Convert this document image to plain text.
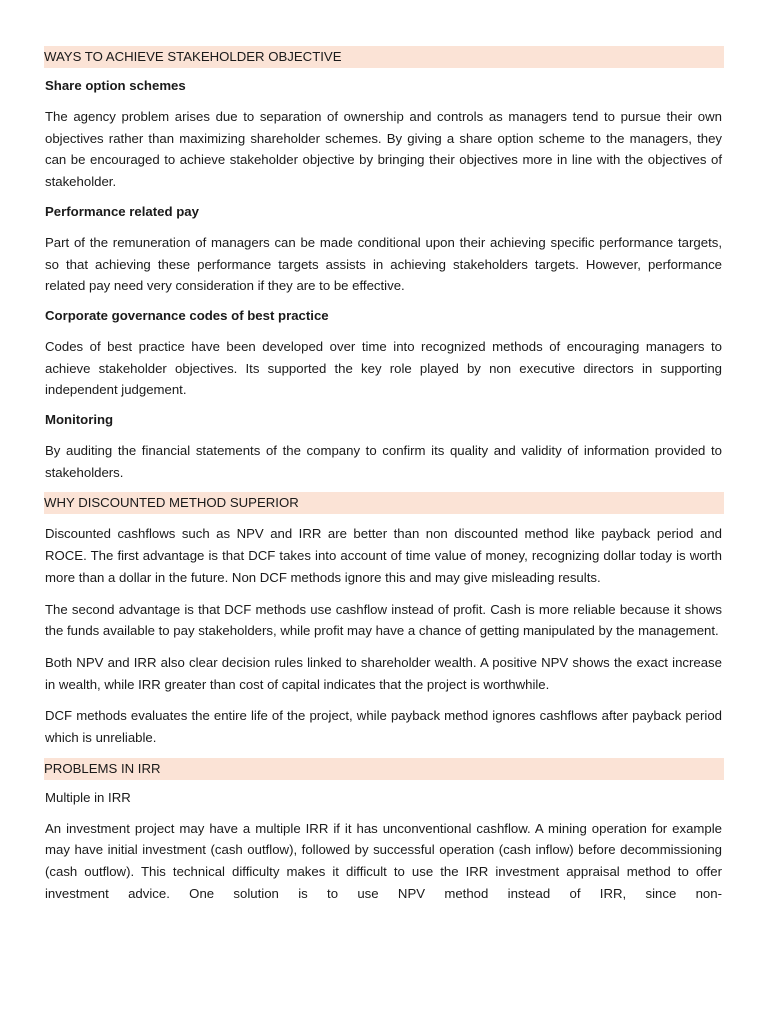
WAYS TO ACHIEVE STAKEHOLDER OBJECTIVE
Share option schemes
The agency problem arises due to separation of ownership and controls as managers tend to pursue their own objectives rather than maximizing shareholder schemes. By giving a share option scheme to the managers, they can be encouraged to achieve stakeholder objective by bringing their objectives more in line with the objectives of stakeholder.
Performance related pay
Part of the remuneration of managers can be made conditional upon their achieving specific performance targets, so that achieving these performance targets assists in achieving stakeholders targets. However, performance related pay need very consideration if they are to be effective.
Corporate governance codes of best practice
Codes of best practice have been developed over time into recognized methods of encouraging managers to achieve stakeholder objectives. Its supported the key role played by non executive directors in supporting independent judgement.
Monitoring
By auditing the financial statements of the company to confirm its quality and validity of information provided to stakeholders.
WHY DISCOUNTED METHOD SUPERIOR
Discounted cashflows such as NPV and IRR are better than non discounted method like payback period and ROCE. The first advantage is that DCF takes into account of time value of money, recognizing dollar today is worth more than a dollar in the future. Non DCF methods ignore this and may give misleading results.
The second advantage is that DCF methods use cashflow instead of profit. Cash is more reliable because it shows the funds available to pay stakeholders, while profit may have a chance of getting manipulated by the management.
Both NPV and IRR also clear decision rules linked to shareholder wealth. A positive NPV shows the exact increase in wealth, while IRR greater than cost of capital indicates that the project is worthwhile.
DCF methods evaluates the entire life of the project, while payback method ignores cashflows after payback period which is unreliable.
PROBLEMS IN IRR
Multiple in IRR
An investment project may have a multiple IRR if it has unconventional cashflow. A mining operation for example may have initial investment (cash outflow), followed by successful operation (cash inflow) before decommissioning (cash outflow). This technical difficulty makes it difficult to use the IRR investment appraisal method to offer investment advice. One solution is to use NPV method instead of IRR, since non-
